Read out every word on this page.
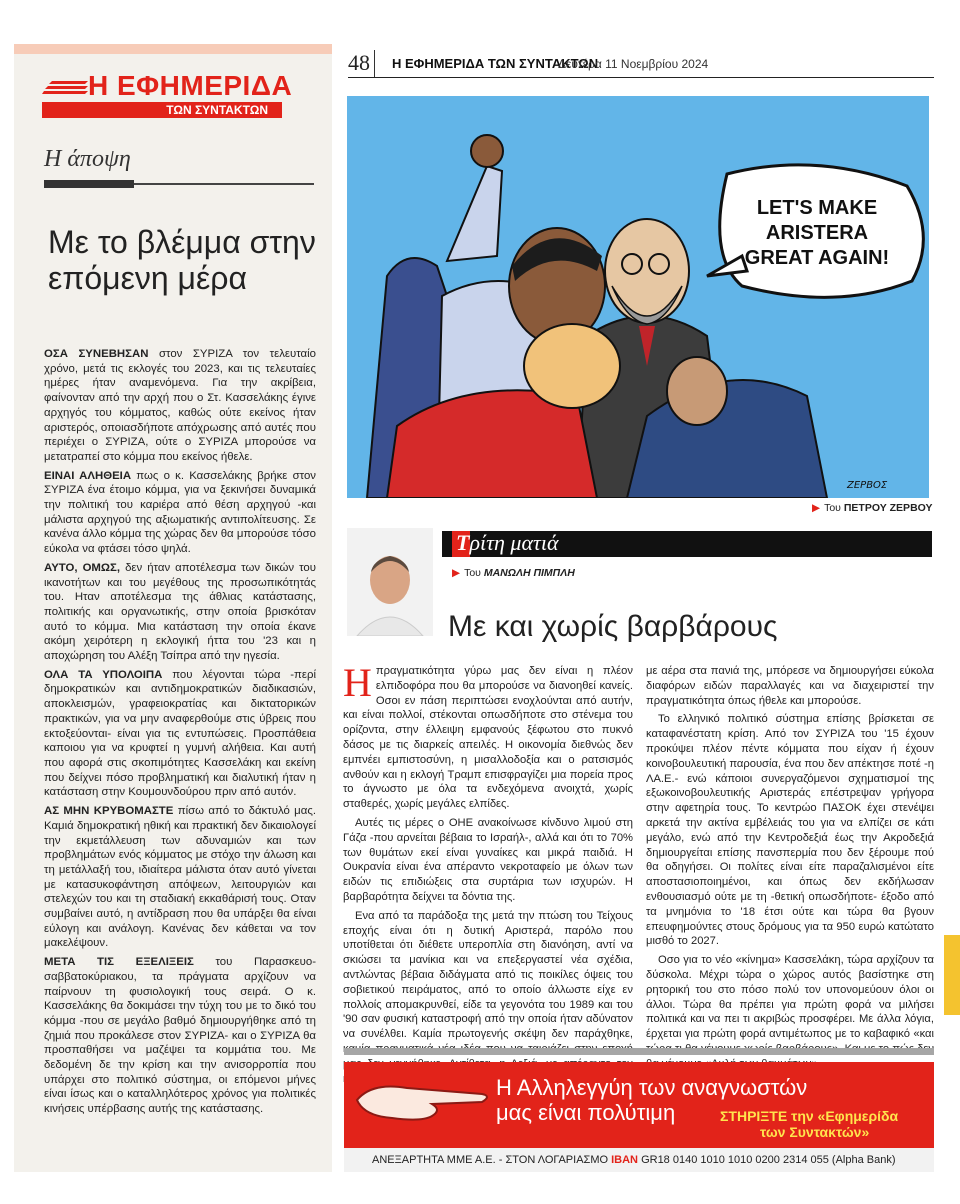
Η ΕΦΗΜΕΡΙΔΑ
ΤΩΝ ΣΥΝΤΑΚΤΩΝ
Η άποψη
Με το βλέμμα στην επόμενη μέρα

ΟΣΑ ΣΥΝΕΒΗΣΑΝ στον ΣΥΡΙΖΑ τον τελευταίο χρόνο, μετά τις εκλογές του 2023, και τις τελευταίες ημέρες ήταν αναμενόμενα. Για την ακρίβεια, φαίνονταν από την αρχή που ο Στ. Κασσελάκης έγινε αρχηγός του κόμματος, καθώς ούτε εκείνος ήταν αριστερός, οποιασδήποτε απόχρωσης από αυτές που περιέχει ο ΣΥΡΙΖΑ, ούτε ο ΣΥΡΙΖΑ μπορούσε να μετατραπεί στο κόμμα που εκείνος ήθελε.

ΕΙΝΑΙ ΑΛΗΘΕΙΑ πως ο κ. Κασσελάκης βρήκε στον ΣΥΡΙΖΑ ένα έτοιμο κόμμα, για να ξεκινήσει δυναμικά την πολιτική του καριέρα από θέση αρχηγού -και μάλιστα αρχηγού της αξιωματικής αντιπολίτευσης. Σε κανένα άλλο κόμμα της χώρας δεν θα μπορούσε τόσο εύκολα να φτάσει τόσο ψηλά.

ΑΥΤΟ, ΟΜΩΣ, δεν ήταν αποτέλεσμα των δικών του ικανοτήτων και του μεγέθους της προσωπικότητάς του. Ηταν αποτέλεσμα της άθλιας κατάστασης, πολιτικής και οργανωτικής, στην οποία βρισκόταν αυτό το κόμμα. Μια κατάσταση την οποία έκανε ακόμη χειρότερη η εκλογική ήττα του '23 και η αποχώρηση του Αλέξη Τσίπρα από την ηγεσία.

ΟΛΑ ΤΑ ΥΠΟΛΟΙΠΑ που λέγονται τώρα -περί δημοκρατικών και αντιδημοκρατικών διαδικασιών, αποκλεισμών, γραφειοκρατίας και δικτατορικών πρακτικών, για να μην αναφερθούμε στις ύβρεις που εκτοξεύονται- είναι για τις εντυπώσεις. Προσπάθεια καποιου για να κρυφτεί η γυμνή αλήθεια. Και αυτή που αφορά στις σκοπιμότητες Κασσελάκη και εκείνη που δείχνει πόσο προβληματική και διαλυτική ήταν η κατάσταση στην Κουμουνδούρου πριν από αυτόν.

ΑΣ ΜΗΝ ΚΡΥΒΟΜΑΣΤΕ πίσω από το δάκτυλό μας. Καμιά δημοκρατική ηθική και πρακτική δεν δικαιολογεί την εκμετάλλευση των αδυναμιών και των προβλημάτων ενός κόμματος με στόχο την άλωση και τη μετάλλαξή του, ιδιαίτερα μάλιστα όταν αυτό γίνεται με κατασυκοφάντηση απόψεων, λειτουργιών και στελεχών του και τη σταδιακή εκκαθάρισή τους. Οταν συμβαίνει αυτό, η αντίδραση που θα υπάρξει θα είναι εύλογη και ανάλογη. Κανένας δεν κάθεται να τον μακελέψουν.

ΜΕΤΑ ΤΙΣ ΕΞΕΛΙΞΕΙΣ του Παρασκευο-σαββατοκύριακου, τα πράγματα αρχίζουν να παίρνουν τη φυσιολογική τους σειρά. Ο κ. Κασσελάκης θα δοκιμάσει την τύχη του με το δικό του κόμμα -που σε μεγάλο βαθμό δημιουργήθηκε από τη ζημιά που προκάλεσε στον ΣΥΡΙΖΑ- και ο ΣΥΡΙΖΑ θα προσπαθήσει να μαζέψει τα κομμάτια του. Με δεδομένη δε την κρίση και την ανισορροπία που υπάρχει στο πολιτικό σύστημα, οι επόμενοι μήνες είναι ίσως και ο καταλληλότερος χρόνος για πολιτικές κινήσεις υπέρβασης αυτής της κατάστασης.

48 Η ΕΦΗΜΕΡΙΔΑ ΤΩΝ ΣΥΝΤΑΚΤΩΝ
Δευτέρα 11 Νοεμβρίου 2024
LET'S MAKE
ARISTERA
GREAT AGAIN!
ΖΕΡΒΟΣ
▶ Του ΠΕΤΡΟΥ ΖΕΡΒΟΥ
Τρίτη ματιά
▶ Του ΜΑΝΩΛΗ ΠΙΜΠΛΗ
Με και χωρίς βαρβάρους

Η πραγματικότητα γύρω μας δεν είναι η πλέον ελπιδοφόρα που θα μπορούσε να διανοηθεί κανείς. Οσοι εν πάση περιπτώσει ενοχλούνται από αυτήν, και είναι πολλοί, στέκονται οπωσδήποτε στο στένεμα του ορίζοντα, στην έλλειψη εμφανούς ξέφωτου στο πυκνό δάσος με τις διαρκείς απειλές. Η οικονομία διεθνώς δεν εμπνέει εμπιστοσύνη, η μισαλλοδοξία και ο ρατσισμός ανθούν και η εκλογή Τραμπ επισφραγίζει μια πορεία προς το άγνωστο με όλα τα ενδεχόμενα ανοιχτά, χωρίς σταθερές, χωρίς μεγάλες ελπίδες.

Αυτές τις μέρες ο ΟΗΕ ανακοίνωσε κίνδυνο λιμού στη Γάζα -που αρνείται βέβαια το Ισραήλ-, αλλά και ότι το 70% των θυμάτων εκεί είναι γυναίκες και μικρά παιδιά. Η Ουκρανία είναι ένα απέραντο νεκροταφείο με όλων των ειδών τις επιδιώξεις στα συρτάρια των ισχυρών. Η βαρβαρότητα δείχνει τα δόντια της.

Ενα από τα παράδοξα της μετά την πτώση του Τείχους εποχής είναι ότι η δυτική Αριστερά, παρόλο που υποτίθεται ότι διέθετε υπεροπλία στη διανόηση, αντί να σκιώσει τα μανίκια και να επεξεργαστεί νέα σχέδια, αντλώντας βέβαια διδάγματα από τις ποικίλες όψεις του σοβιετικού πειράματος, από το οποίο άλλωστε είχε εν πολλοίς απομακρυνθεί, είδε τα γεγονότα του 1989 και του '90 σαν φυσική καταστροφή από την οποία ήταν αδύνατον να συνέλθει. Καμία πρωτογενής σκέψη δεν παράχθηκε,

με αέρα στα πανιά της, μπόρεσε να δημιουργήσει εύκολα διαφόρων ειδών παραλλαγές και να διαχειριστεί την πραγματικότητα όπως ήθελε και μπορούσε.

Το ελληνικό πολιτικό σύστημα επίσης βρίσκεται σε καταφανέστατη κρίση. Από τον ΣΥΡΙΖΑ του '15 έχουν προκύψει πλέον πέντε κόμματα που είχαν ή έχουν κοινοβουλευτική παρουσία, ένα που δεν απέκτησε ποτέ -η ΛΑ.Ε.- ενώ κάποιοι συνεργαζόμενοι σχηματισμοί της εξωκοινοβουλευτικής Αριστεράς επέστρεψαν γρήγορα στην αφετηρία τους. Το κεντρώο ΠΑΣΟΚ έχει στενέψει αρκετά την ακτίνα εμβέλειάς του για να ελπίζει σε κάτι μεγάλο, ενώ από την Κεντροδεξιά έως την Ακροδεξιά δημιουργείται επίσης πανσπερμία που δεν ξέρουμε πού θα οδηγήσει. Οι πολίτες είναι είτε παραζαλισμένοι είτε αποστασιοποιημένοι, και όπως δεν εκδήλωσαν ενθουσιασμό ούτε με τη -θετική οπωσδήποτε- έξοδο από τα μνημόνια το '18 έτσι ούτε και τώρα θα βγουν επευφημούντες στους δρόμους για τα 950 ευρώ κατώτατο μισθό το 2027.

Οσο για το νέο «κίνημα» Κασσελάκη, τώρα αρχίζουν τα δύσκολα. Μέχρι τώρα ο χώρος αυτός βασίστηκε στη ρητορική του στο πόσο πολύ τον υπονομεύουν όλοι οι άλλοι. Τώρα θα πρέπει για πρώτη φορά να μιλήσει πολιτικά και να πει τι ακριβώς προσφέρει. Με άλλα λόγια, έρχεται για πρώτη φορά αντιμέτωπος με το καβαφικό «και

Η Αλληλεγγύη των αναγνωστών
μας είναι πολύτιμη	ΣΤΗΡΙΞΤΕ την «Εφημερίδα
των Συντακτών»
ΑΝΕΞΑΡΤΗΤΑ ΜΜΕ Α.Ε. - ΣΤΟΝ ΛΟΓΑΡΙΑΣΜΟ IBAN GR18 0140 1010 1010 0200 2314 055 (Alpha Bank)
